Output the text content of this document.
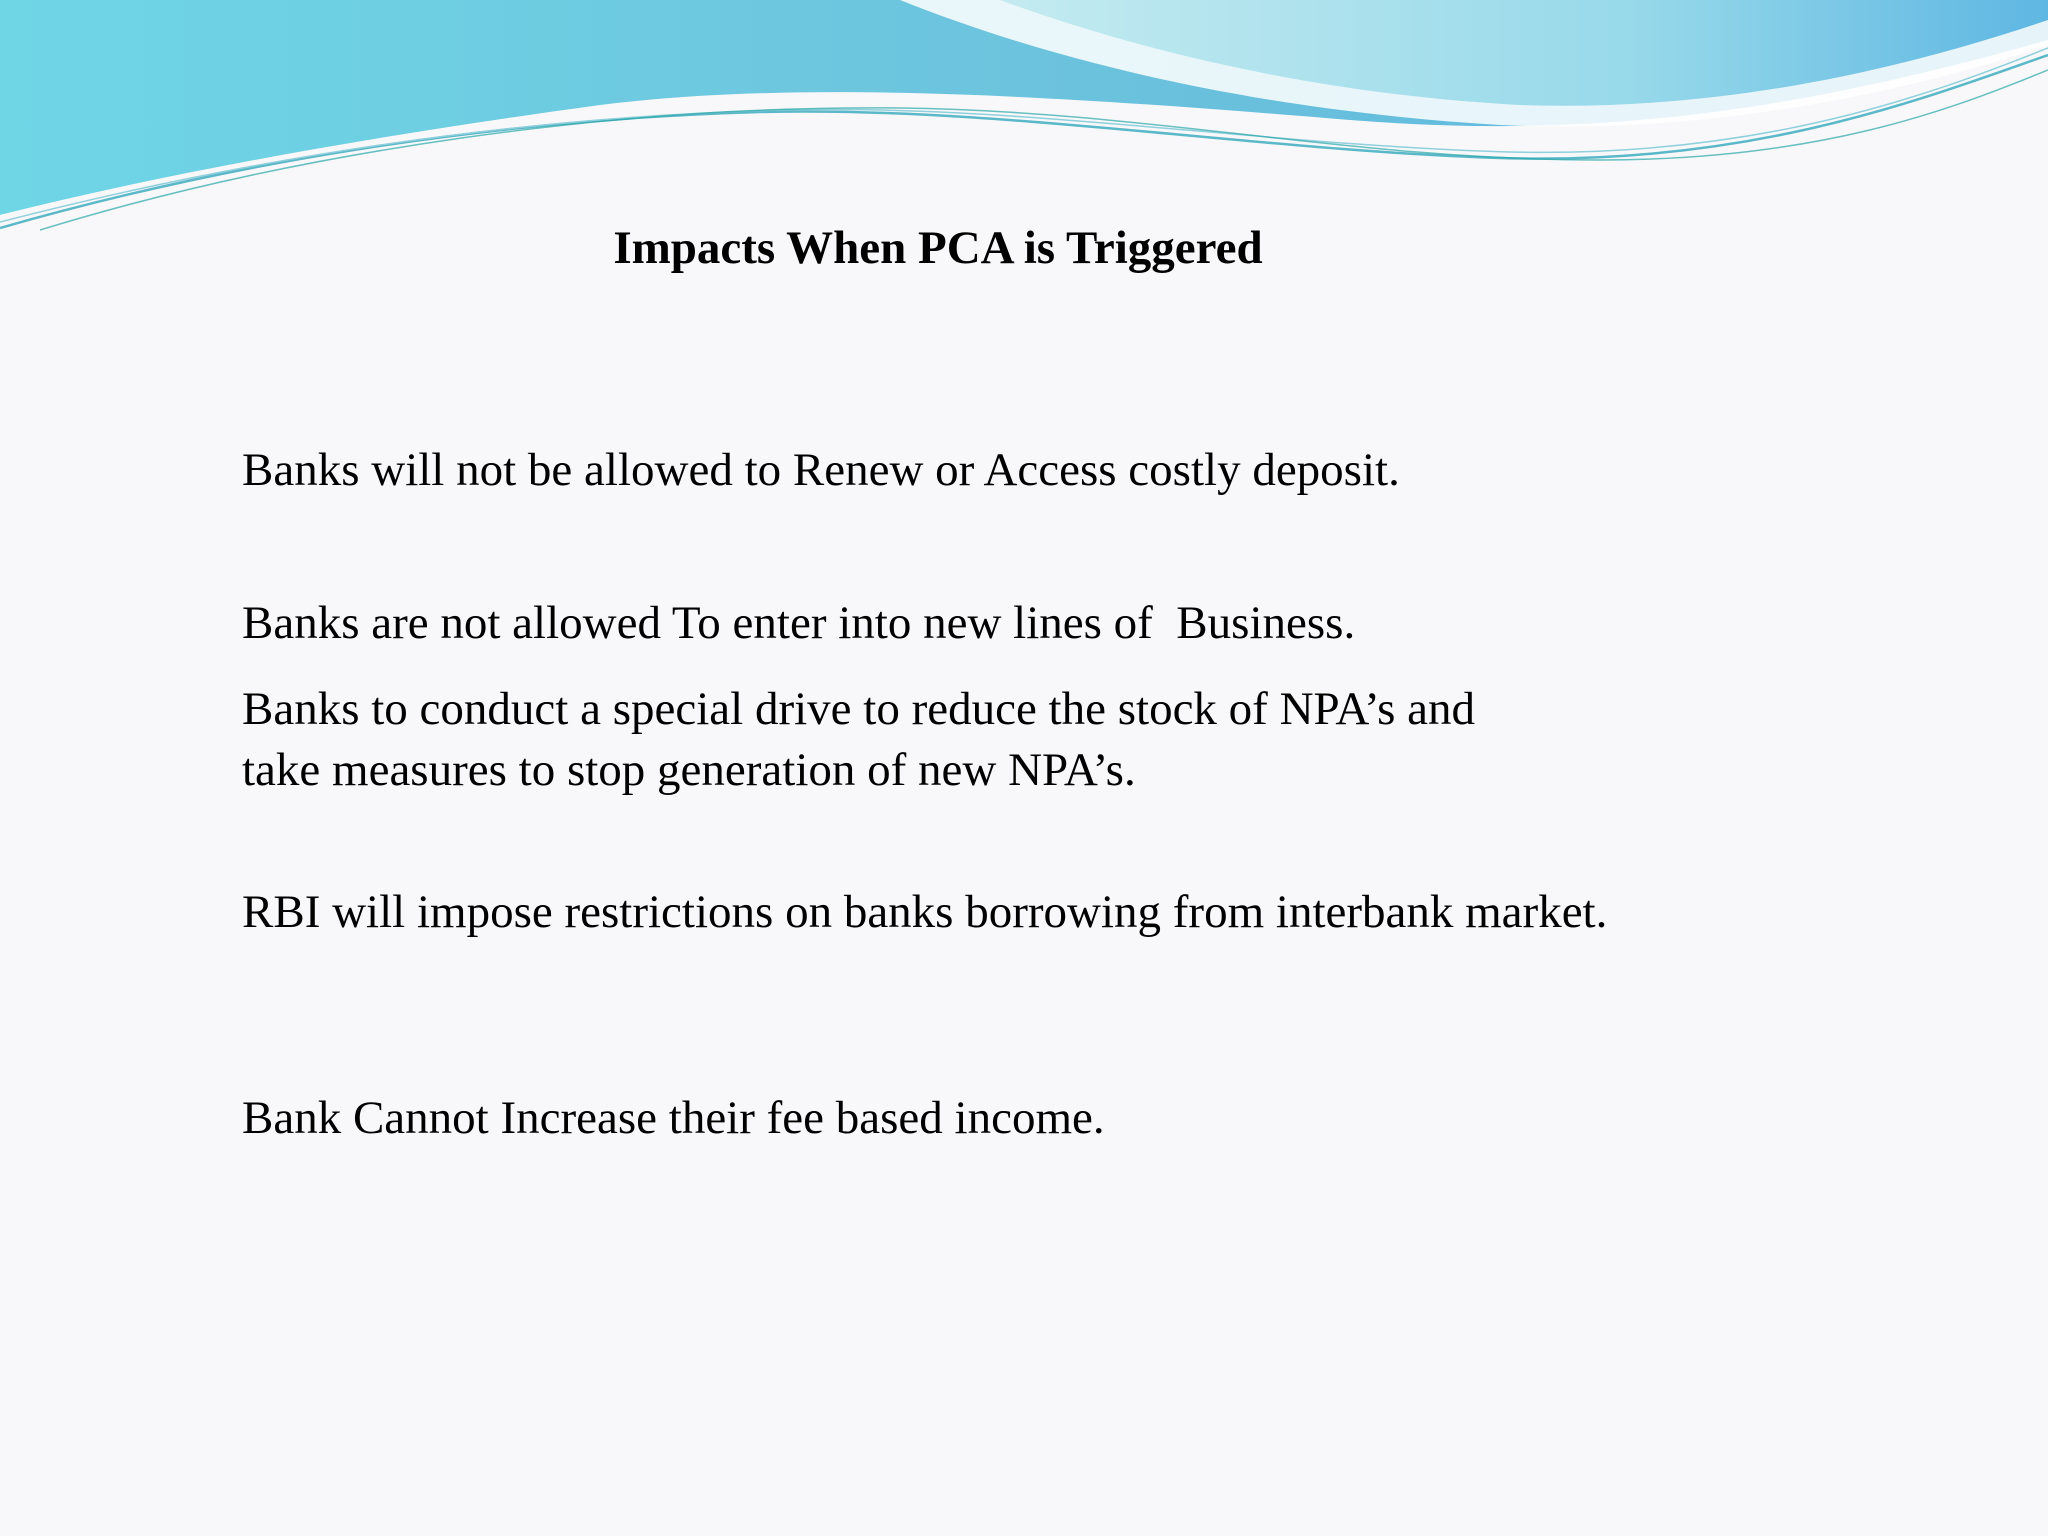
Impacts When PCA is Triggered
Banks will not be allowed to Renew or Access costly deposit.
Banks are not allowed To enter into new lines of  Business.
Banks to conduct a special drive to reduce the stock of NPA’s and take measures to stop generation of new NPA’s.
RBI will impose restrictions on banks borrowing from interbank market.
Bank Cannot Increase their fee based income.
